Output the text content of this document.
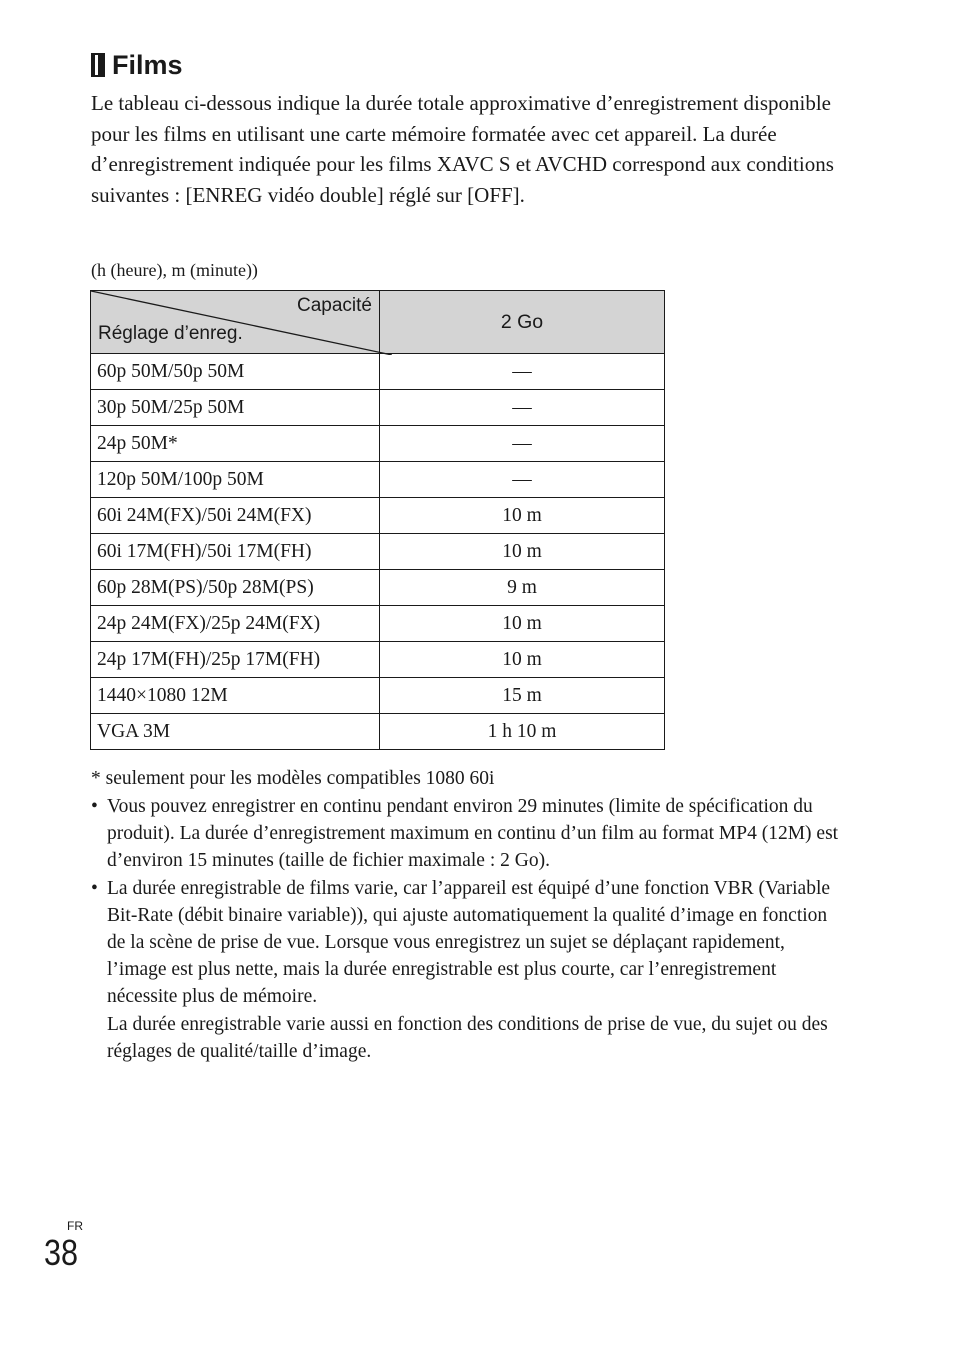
Films
Le tableau ci-dessous indique la durée totale approximative d’enregistrement disponible pour les films en utilisant une carte mémoire formatée avec cet appareil. La durée d’enregistrement indiquée pour les films XAVC S et AVCHD correspond aux conditions suivantes : [ENREG vidéo double] réglé sur [OFF].
(h (heure), m (minute))
Capacité
Réglage d’enreg.	2 Go
60p 50M/50p 50M	—
30p 50M/25p 50M	—
24p 50M*	—
120p 50M/100p 50M	—
60i 24M(FX)/50i 24M(FX)	10 m
60i 17M(FH)/50i 17M(FH)	10 m
60p 28M(PS)/50p 28M(PS)	9 m
24p 24M(FX)/25p 24M(FX)	10 m
24p 17M(FH)/25p 17M(FH)	10 m
1440×1080 12M	15 m
VGA 3M	1 h 10 m
* seulement pour les modèles compatibles 1080 60i
• Vous pouvez enregistrer en continu pendant environ 29 minutes (limite de spécification du produit). La durée d’enregistrement maximum en continu d’un film au format MP4 (12M) est d’environ 15 minutes (taille de fichier maximale : 2 Go).
• La durée enregistrable de films varie, car l’appareil est équipé d’une fonction VBR (Variable Bit-Rate (débit binaire variable)), qui ajuste automatiquement la qualité d’image en fonction de la scène de prise de vue. Lorsque vous enregistrez un sujet se déplaçant rapidement, l’image est plus nette, mais la durée enregistrable est plus courte, car l’enregistrement nécessite plus de mémoire.
La durée enregistrable varie aussi en fonction des conditions de prise de vue, du sujet ou des réglages de qualité/taille d’image.
FR
38
